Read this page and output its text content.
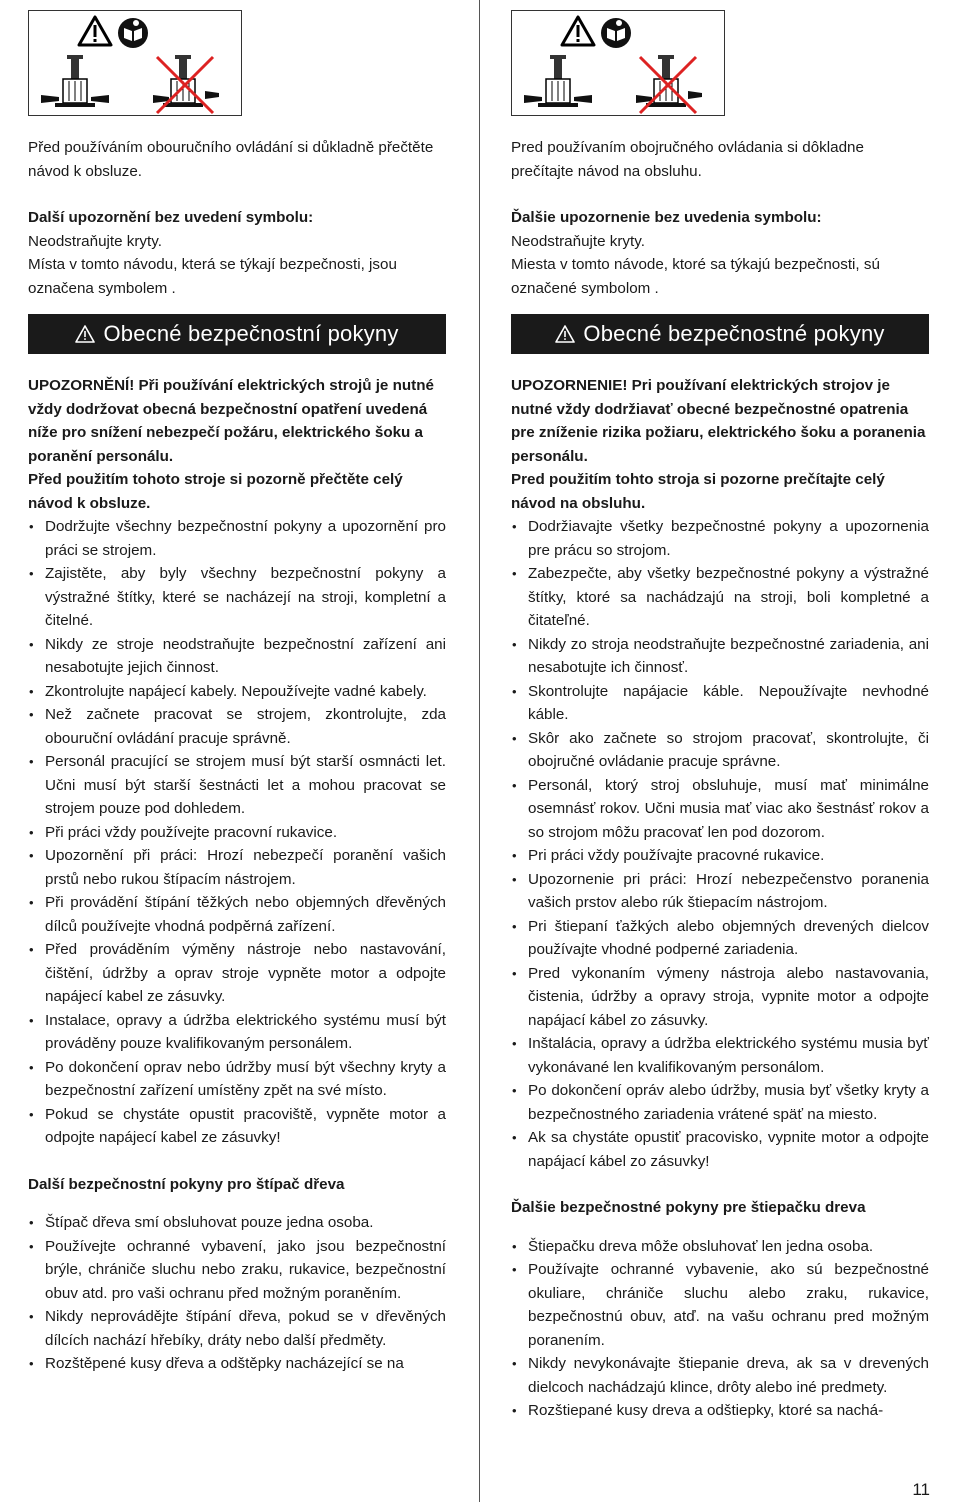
Před používáním obouručního ovládání si důkladně přečtěte návod k obsluze.

Další upozornění bez uvedení symbolu:

Neodstraňujte kryty.

Místa v tomto návodu, která se týkají bezpečnosti, jsou označena symbolem .

Obecné bezpečnostní pokyny

UPOZORNĚNÍ! Při používání elektrických strojů je nutné vždy dodržovat obecná bezpečnostní opatření uvedená níže pro snížení nebezpečí požáru, elektrického šoku a poranění personálu.

Před použitím tohoto stroje si pozorně přečtěte celý návod k obsluze.

• Dodržujte všechny bezpečnostní pokyny a upozornění pro práci se strojem.
• Zajistěte, aby byly všechny bezpečnostní pokyny a výstražné štítky, které se nacházejí na stroji, kompletní a čitelné.
• Nikdy ze stroje neodstraňujte bezpečnostní zařízení ani nesabotujte jejich činnost.
• Zkontrolujte napájecí kabely. Nepoužívejte vadné kabely.
• Než začnete pracovat se strojem, zkontrolujte, zda obouruční ovládání pracuje správně.
• Personál pracující se strojem musí být starší osmnácti let. Učni musí být starší šestnácti let a mohou pracovat se strojem pouze pod dohledem.
• Při práci vždy používejte pracovní rukavice.
• Upozornění při práci: Hrozí nebezpečí poranění vašich prstů nebo rukou štípacím nástrojem.
• Při provádění štípání těžkých nebo objemných dřevěných dílců používejte vhodná podpěrná zařízení.
• Před prováděním výměny nástroje nebo nastavování, čištění, údržby a oprav stroje vypněte motor a odpojte napájecí kabel ze zásuvky.
• Instalace, opravy a údržba elektrického systému musí být prováděny pouze kvalifikovaným personálem.
• Po dokončení oprav nebo údržby musí být všechny kryty a bezpečnostní zařízení umístěny zpět na své místo.
• Pokud se chystáte opustit pracoviště, vypněte motor a odpojte napájecí kabel ze zásuvky!

Další bezpečnostní pokyny pro štípač dřeva

• Štípač dřeva smí obsluhovat pouze jedna osoba.
• Používejte ochranné vybavení, jako jsou bezpečnostní brýle, chrániče sluchu nebo zraku, rukavice, bezpečnostní obuv atd. pro vaši ochranu před možným poraněním.
• Nikdy neprovádějte štípání dřeva, pokud se v dřevěných dílcích nachází hřebíky, dráty nebo další předměty.
• Rozštěpené kusy dřeva a odštěpky nacházející se na

Pred používaním obojručného ovládania si dôkladne prečítajte návod na obsluhu.

Ďalšie upozornenie bez uvedenia symbolu:

Neodstraňujte kryty.

Miesta v tomto návode, ktoré sa týkajú bezpečnosti, sú označené symbolom .

Obecné bezpečnostné pokyny

UPOZORNENIE! Pri používaní elektrických strojov je nutné vždy dodržiavať obecné bezpečnostné opatrenia pre zníženie rizika požiaru, elektrického šoku a poranenia personálu.

Pred použitím tohto stroja si pozorne prečítajte celý návod na obsluhu.

• Dodržiavajte všetky bezpečnostné pokyny a upozornenia pre prácu so strojom.
• Zabezpečte, aby všetky bezpečnostné pokyny a výstražné štítky, ktoré sa nachádzajú na stroji, boli kompletné a čitateľné.
• Nikdy zo stroja neodstraňujte bezpečnostné zariadenia, ani nesabotujte ich činnosť.
• Skontrolujte napájacie káble. Nepoužívajte nevhodné káble.
• Skôr ako začnete so strojom pracovať, skontrolujte, či obojručné ovládanie pracuje správne.
• Personál, ktorý stroj obsluhuje, musí mať minimálne osemnásť rokov. Učni musia mať viac ako šestnásť rokov a so strojom môžu pracovať len pod dozorom.
• Pri práci vždy používajte pracovné rukavice.
• Upozornenie pri práci: Hrozí nebezpečenstvo poranenia vašich prstov alebo rúk štiepacím nástrojom.
• Pri štiepaní ťažkých alebo objemných drevených dielcov používajte vhodné podperné zariadenia.
• Pred vykonaním výmeny nástroja alebo nastavovania, čistenia, údržby a opravy stroja, vypnite motor a odpojte napájací kábel zo zásuvky.
• Inštalácia, opravy a údržba elektrického systému musia byť vykonávané len kvalifikovaným personálom.
• Po dokončení opráv alebo údržby, musia byť všetky kryty a bezpečnostného zariadenia vrátené späť na miesto.
• Ak sa chystáte opustiť pracovisko, vypnite motor a odpojte napájací kábel zo zásuvky!

Ďalšie bezpečnostné pokyny pre štiepačku dreva

• Štiepačku dreva môže obsluhovať len jedna osoba.
• Používajte ochranné vybavenie, ako sú bezpečnostné okuliare, chrániče sluchu alebo zraku, rukavice, bezpečnostnú obuv, atď. na vašu ochranu pred možným poranením.
• Nikdy nevykonávajte štiepanie dreva, ak sa v drevených dielcoch nachádzajú klince, drôty alebo iné predmety.
• Rozštiepané kusy dreva a odštiepky, ktoré sa nachá-
11
